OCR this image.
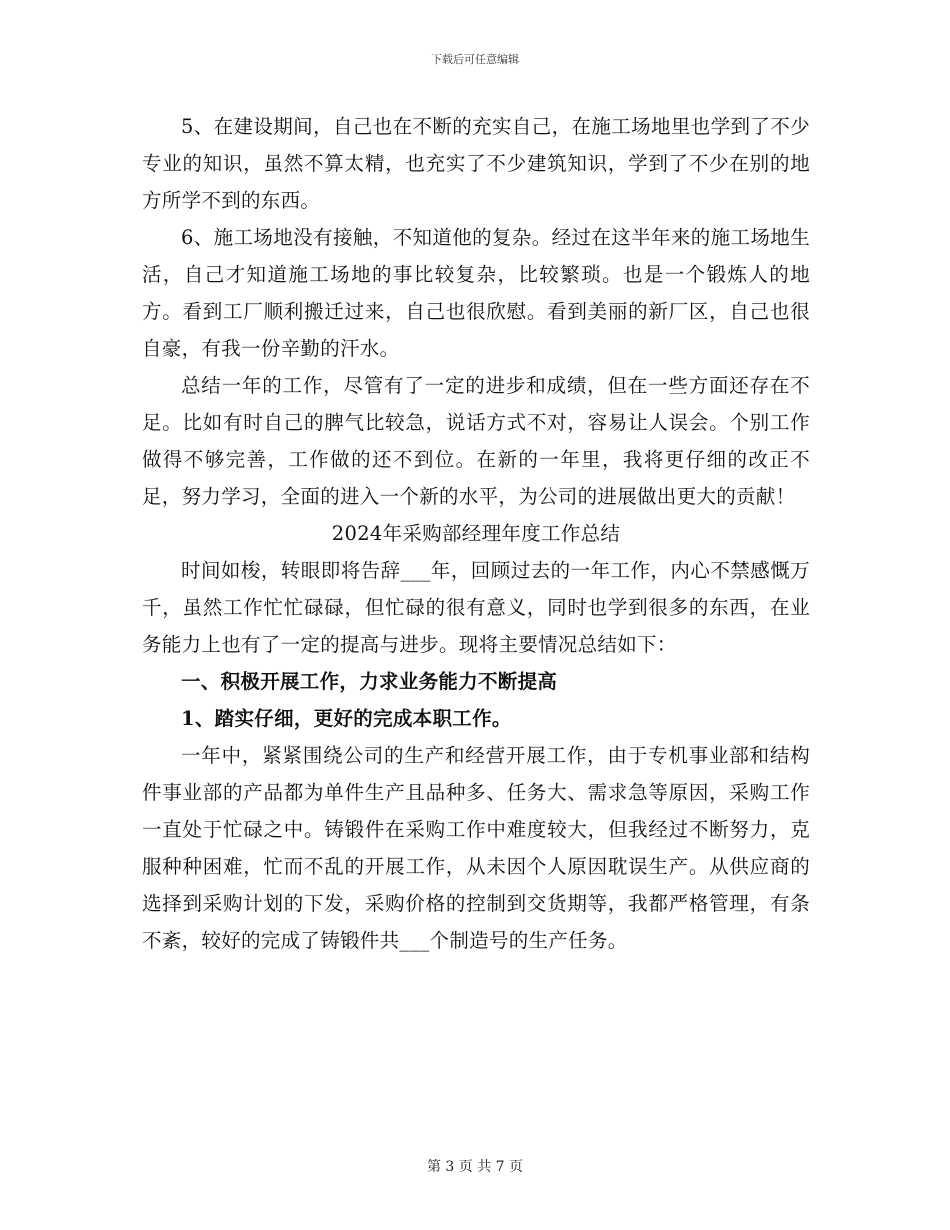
下载后可任意编辑

5、在建设期间，自己也在不断的充实自己，在施工场地里也学到了不少专业的知识，虽然不算太精，也充实了不少建筑知识，学到了不少在别的地方所学不到的东西。

6、施工场地没有接触，不知道他的复杂。经过在这半年来的施工场地生活，自己才知道施工场地的事比较复杂，比较繁琐。也是一个锻炼人的地方。看到工厂顺利搬迁过来，自己也很欣慰。看到美丽的新厂区，自己也很自豪，有我一份辛勤的汗水。

总结一年的工作，尽管有了一定的进步和成绩，但在一些方面还存在不足。比如有时自己的脾气比较急，说话方式不对，容易让人误会。个别工作做得不够完善，工作做的还不到位。在新的一年里，我将更仔细的改正不足，努力学习，全面的进入一个新的水平，为公司的进展做出更大的贡献！

2024年采购部经理年度工作总结

时间如梭，转眼即将告辞___年，回顾过去的一年工作，内心不禁感慨万千，虽然工作忙忙碌碌，但忙碌的很有意义，同时也学到很多的东西，在业务能力上也有了一定的提高与进步。现将主要情况总结如下：

一、积极开展工作，力求业务能力不断提高

1、踏实仔细，更好的完成本职工作。

一年中，紧紧围绕公司的生产和经营开展工作，由于专机事业部和结构件事业部的产品都为单件生产且品种多、任务大、需求急等原因，采购工作一直处于忙碌之中。铸锻件在采购工作中难度较大，但我经过不断努力，克服种种困难，忙而不乱的开展工作，从未因个人原因耽误生产。从供应商的选择到采购计划的下发，采购价格的控制到交货期等，我都严格管理，有条不紊，较好的完成了铸锻件共___个制造号的生产任务。

第 3 页 共 7 页
